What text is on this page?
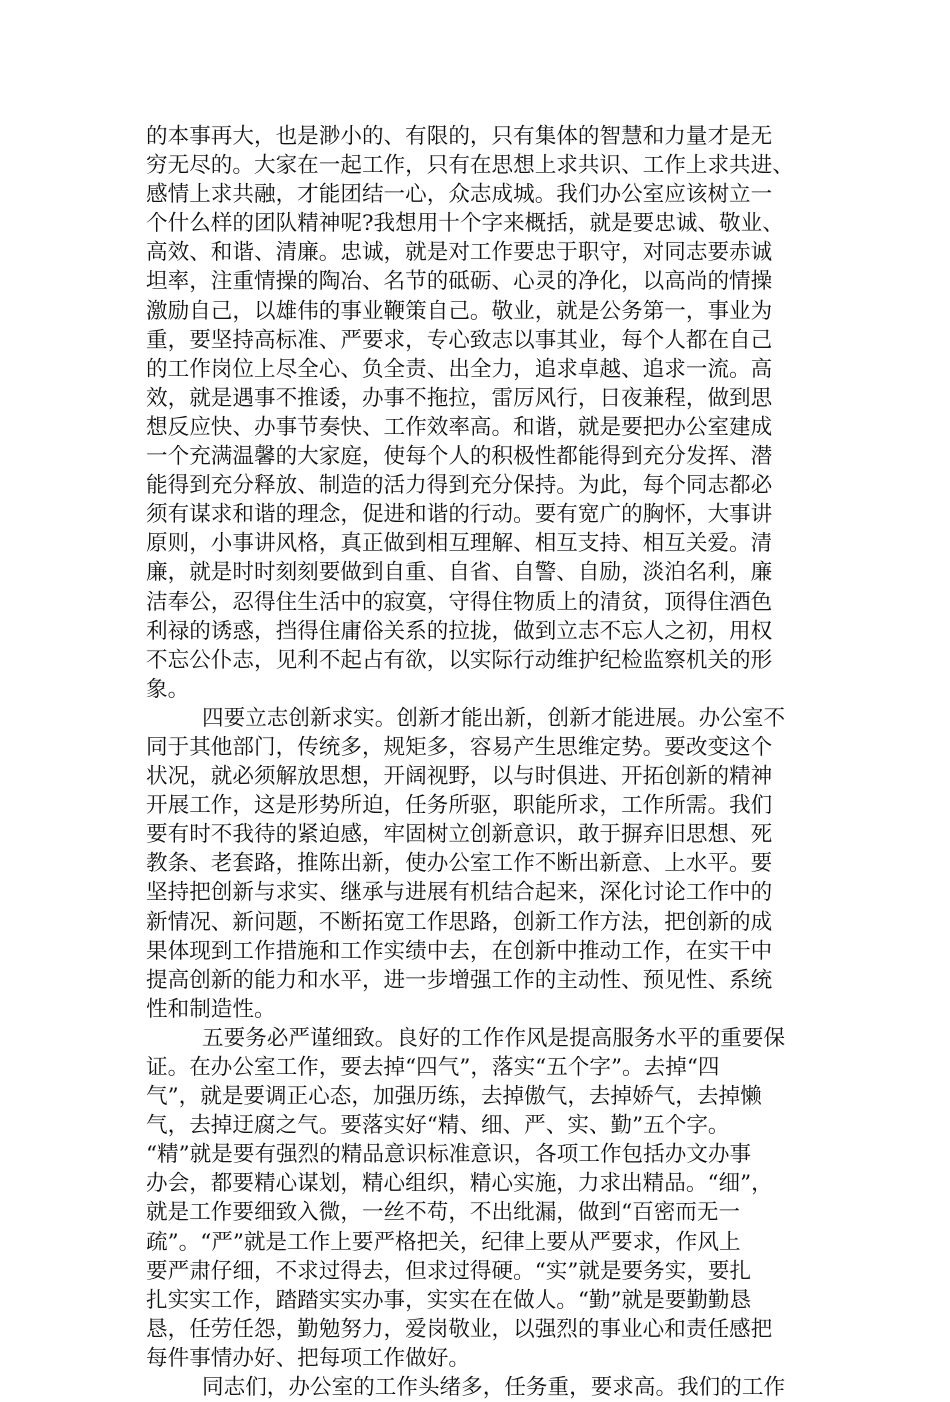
的本事再大，也是渺小的、有限的，只有集体的智慧和力量才是无
穷无尽的。大家在一起工作，只有在思想上求共识、工作上求共进、
感情上求共融，才能团结一心，众志成城。我们办公室应该树立一
个什么样的团队精神呢?我想用十个字来概括，就是要忠诚、敬业、
高效、和谐、清廉。忠诚，就是对工作要忠于职守，对同志要赤诚
坦率，注重情操的陶冶、名节的砥砺、心灵的净化，以高尚的情操
激励自己，以雄伟的事业鞭策自己。敬业，就是公务第一，事业为
重，要坚持高标准、严要求，专心致志以事其业，每个人都在自己
的工作岗位上尽全心、负全责、出全力，追求卓越、追求一流。高
效，就是遇事不推诿，办事不拖拉，雷厉风行，日夜兼程，做到思
想反应快、办事节奏快、工作效率高。和谐，就是要把办公室建成
一个充满温馨的大家庭，使每个人的积极性都能得到充分发挥、潜
能得到充分释放、制造的活力得到充分保持。为此，每个同志都必
须有谋求和谐的理念，促进和谐的行动。要有宽广的胸怀，大事讲
原则，小事讲风格，真正做到相互理解、相互支持、相互关爱。清
廉，就是时时刻刻要做到自重、自省、自警、自励，淡泊名利，廉
洁奉公，忍得住生活中的寂寞，守得住物质上的清贫，顶得住酒色
利禄的诱惑，挡得住庸俗关系的拉拢，做到立志不忘人之初，用权
不忘公仆志，见利不起占有欲，以实际行动维护纪检监察机关的形
象。
四要立志创新求实。创新才能出新，创新才能进展。办公室不
同于其他部门，传统多，规矩多，容易产生思维定势。要改变这个
状况，就必须解放思想，开阔视野，以与时俱进、开拓创新的精神
开展工作，这是形势所迫，任务所驱，职能所求，工作所需。我们
要有时不我待的紧迫感，牢固树立创新意识，敢于摒弃旧思想、死
教条、老套路，推陈出新，使办公室工作不断出新意、上水平。要
坚持把创新与求实、继承与进展有机结合起来，深化讨论工作中的
新情况、新问题，不断拓宽工作思路，创新工作方法，把创新的成
果体现到工作措施和工作实绩中去，在创新中推动工作，在实干中
提高创新的能力和水平，进一步增强工作的主动性、预见性、系统
性和制造性。
五要务必严谨细致。良好的工作作风是提高服务水平的重要保
证。在办公室工作，要去掉“四气”，落实“五个字”。去掉“四
气”，就是要调正心态，加强历练，去掉傲气，去掉娇气，去掉懒
气，去掉迂腐之气。要落实好“精、细、严、实、勤”五个字。
“精”就是要有强烈的精品意识标准意识，各项工作包括办文办事
办会，都要精心谋划，精心组织，精心实施，力求出精品。“细”，
就是工作要细致入微，一丝不苟，不出纰漏，做到“百密而无一
疏”。“严”就是工作上要严格把关，纪律上要从严要求，作风上
要严肃仔细，不求过得去，但求过得硬。“实”就是要务实，要扎
扎实实工作，踏踏实实办事，实实在在做人。“勤”就是要勤勤恳
恳，任劳任怨，勤勉努力，爱岗敬业，以强烈的事业心和责任感把
每件事情办好、把每项工作做好。
同志们，办公室的工作头绪多，任务重，要求高。我们的工作
